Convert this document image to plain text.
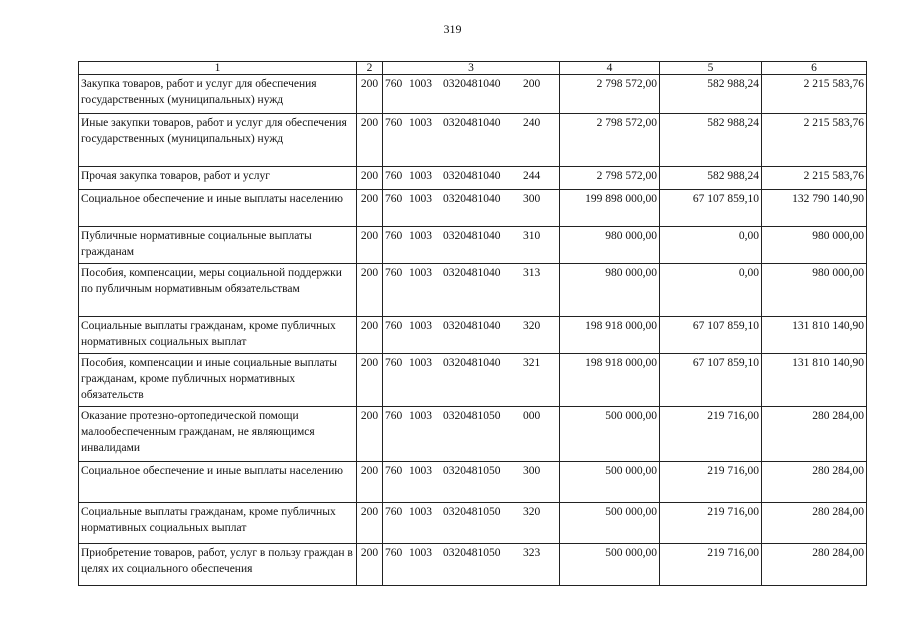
319
1	2	3	4	5	6
Закупка товаров, работ и услуг для обеспечения государственных (муниципальных) нужд	200	760 1003 0320481040 200	2 798 572,00	582 988,24	2 215 583,76
Иные закупки товаров, работ и услуг для обеспечения государственных (муниципальных) нужд	200	760 1003 0320481040 240	2 798 572,00	582 988,24	2 215 583,76
Прочая закупка товаров, работ и услуг	200	760 1003 0320481040 244	2 798 572,00	582 988,24	2 215 583,76
Социальное обеспечение и иные выплаты населению	200	760 1003 0320481040 300	199 898 000,00	67 107 859,10	132 790 140,90
Публичные нормативные социальные выплаты гражданам	200	760 1003 0320481040 310	980 000,00	0,00	980 000,00
Пособия, компенсации, меры социальной поддержки по публичным нормативным обязательствам	200	760 1003 0320481040 313	980 000,00	0,00	980 000,00
Социальные выплаты гражданам, кроме публичных нормативных социальных выплат	200	760 1003 0320481040 320	198 918 000,00	67 107 859,10	131 810 140,90
Пособия, компенсации и иные социальные выплаты гражданам, кроме публичных нормативных обязательств	200	760 1003 0320481040 321	198 918 000,00	67 107 859,10	131 810 140,90
Оказание протезно-ортопедической помощи малообеспеченным гражданам, не являющимся инвалидами	200	760 1003 0320481050 000	500 000,00	219 716,00	280 284,00
Социальное обеспечение и иные выплаты населению	200	760 1003 0320481050 300	500 000,00	219 716,00	280 284,00
Социальные выплаты гражданам, кроме публичных нормативных социальных выплат	200	760 1003 0320481050 320	500 000,00	219 716,00	280 284,00
Приобретение товаров, работ, услуг в пользу граждан в целях их социального обеспечения	200	760 1003 0320481050 323	500 000,00	219 716,00	280 284,00
